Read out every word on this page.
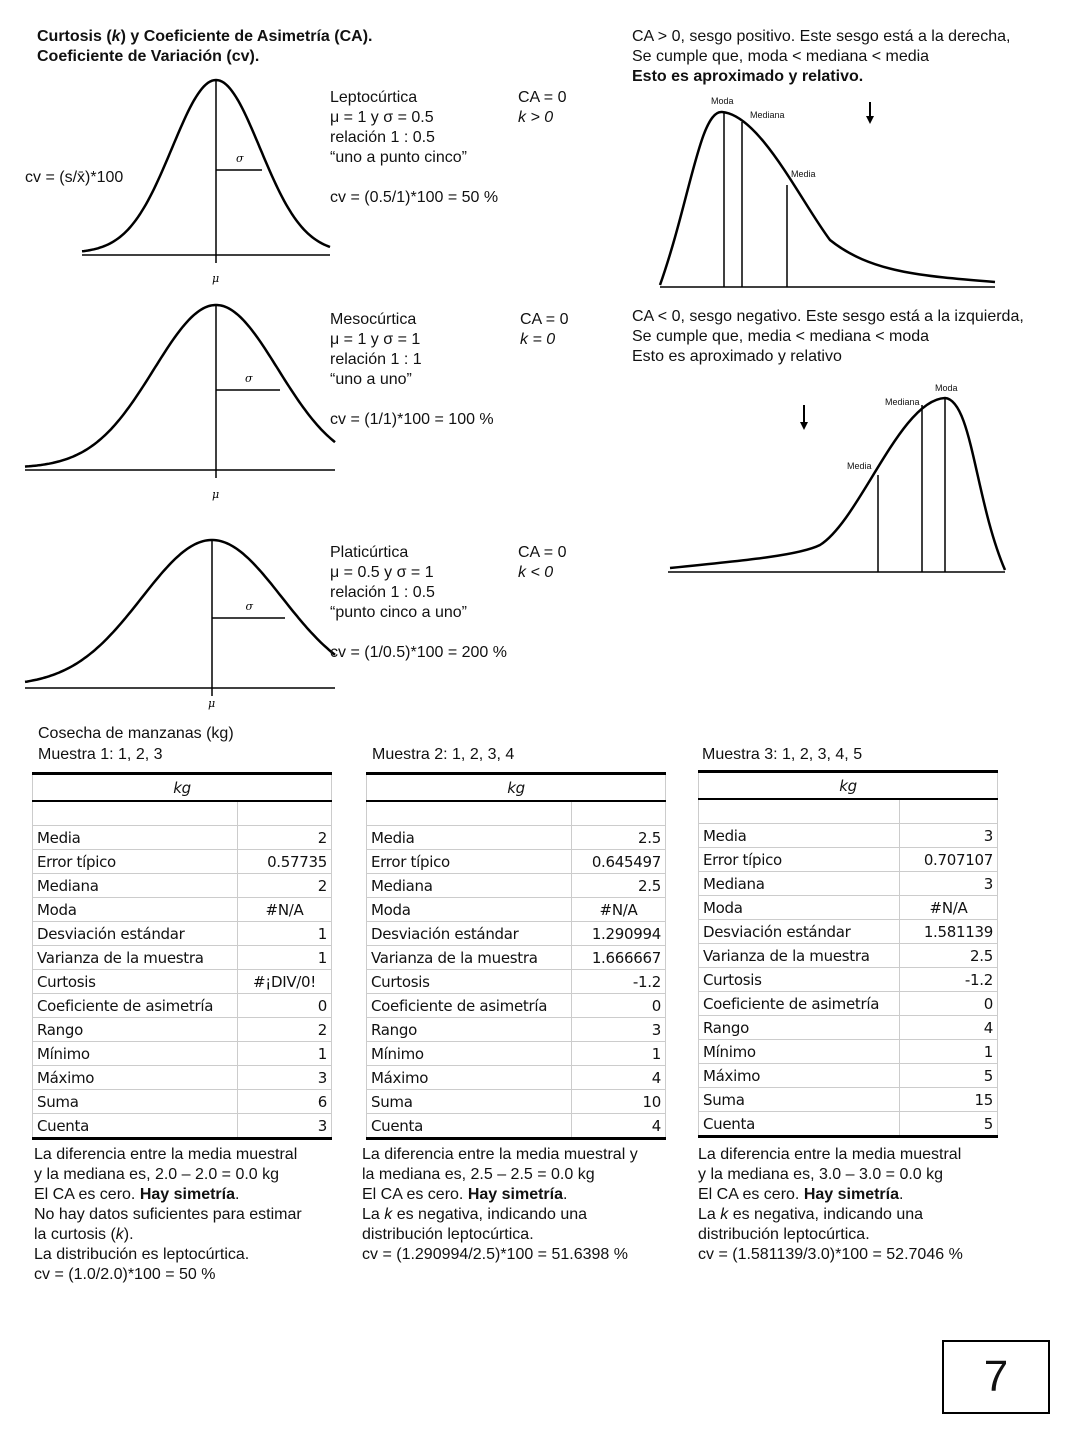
Curtosis (k) y Coeficiente de Asimetría (CA).
Coeficiente de Variación (cv).
cv = (s/x̄)*100
σ
μ
σ
μ
σ
μ
Leptocúrtica
μ = 1 y σ = 0.5
relación 1 : 0.5
“uno a punto cinco”

cv = (0.5/1)*100 = 50 %
CA = 0
k > 0
Mesocúrtica
μ = 1 y σ = 1
relación 1 : 1
“uno a uno”

cv = (1/1)*100 = 100 %
CA = 0
k = 0
Platicúrtica
μ = 0.5 y σ = 1
relación 1 : 0.5
“punto cinco a uno”

cv = (1/0.5)*100 = 200 %
CA = 0
k < 0
CA > 0, sesgo positivo. Este sesgo está a la derecha,
Se cumple que, moda < mediana < media
Esto es aproximado y relativo.
CA < 0, sesgo negativo. Este sesgo está a la izquierda,
Se cumple que, media < mediana < moda
Esto es aproximado y relativo
Moda
Mediana
Media
Moda
Mediana
Media
Cosecha de manzanas (kg)
Muestra 1: 1, 2, 3
kg	

Media	2
Error típico	0.57735
Mediana	2
Moda	#N/A
Desviación estándar	1
Varianza de la muestra	1
Curtosis	#¡DIV/0!
Coeficiente de asimetría	0
Rango	2
Mínimo	1
Máximo	3
Suma	6
Cuenta	3
La diferencia entre la media muestral
y la mediana es, 2.0 – 2.0 = 0.0 kg
El CA es cero. Hay simetría.
No hay datos suficientes para estimar
la curtosis (k).
La distribución es leptocúrtica.
cv = (1.0/2.0)*100 = 50 %
Muestra 2: 1, 2, 3, 4
kg	

Media	2.5
Error típico	0.645497
Mediana	2.5
Moda	#N/A
Desviación estándar	1.290994
Varianza de la muestra	1.666667
Curtosis	-1.2
Coeficiente de asimetría	0
Rango	3
Mínimo	1
Máximo	4
Suma	10
Cuenta	4
La diferencia entre la media muestral y
la mediana es, 2.5 – 2.5 = 0.0 kg
El CA es cero. Hay simetría.
La k es negativa, indicando una
distribución leptocúrtica.
cv = (1.290994/2.5)*100 = 51.6398 %
Muestra 3: 1, 2, 3, 4, 5
kg	

Media	3
Error típico	0.707107
Mediana	3
Moda	#N/A
Desviación estándar	1.581139
Varianza de la muestra	2.5
Curtosis	-1.2
Coeficiente de asimetría	0
Rango	4
Mínimo	1
Máximo	5
Suma	15
Cuenta	5
La diferencia entre la media muestral
y la mediana es, 3.0 – 3.0 = 0.0 kg
El CA es cero. Hay simetría.
La k es negativa, indicando una
distribución leptocúrtica.
cv = (1.581139/3.0)*100 = 52.7046 %
7
